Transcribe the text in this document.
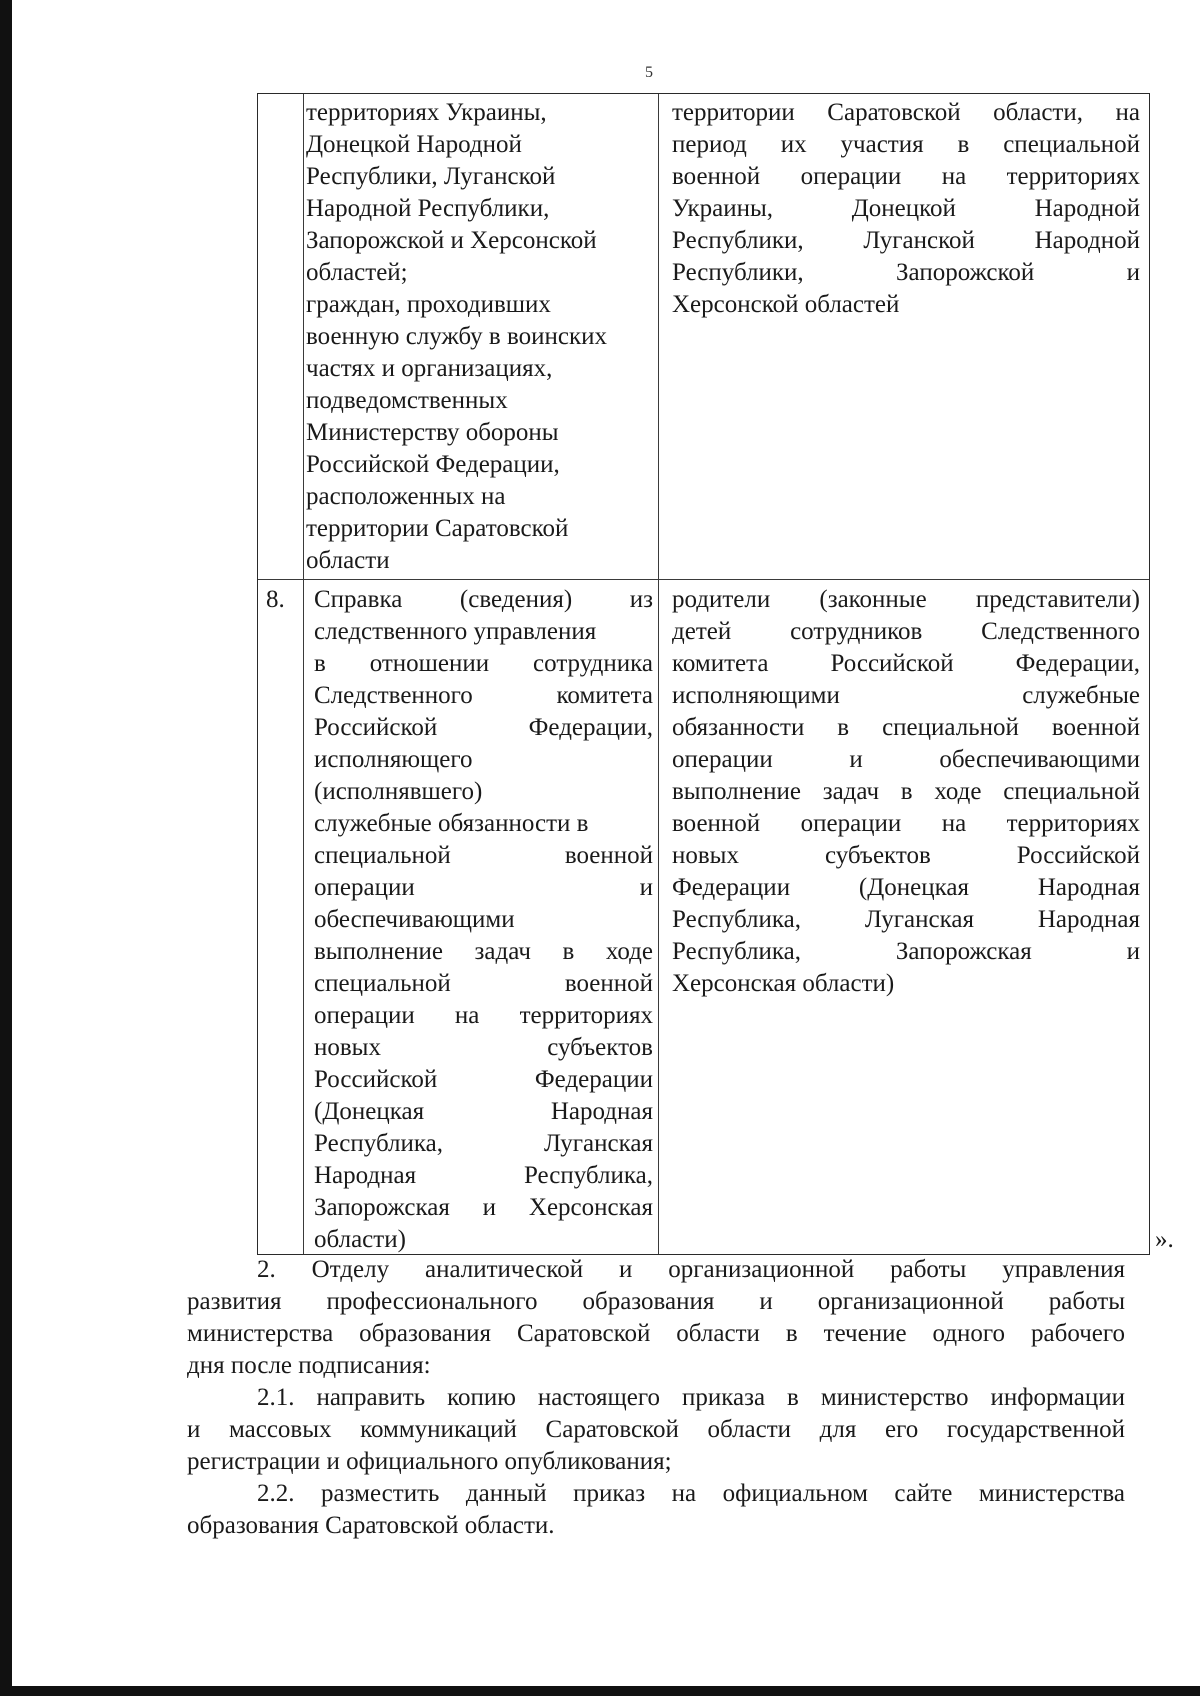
5
территориях Украины,
Донецкой Народной
Республики, Луганской
Народной Республики,
Запорожской и Херсонской
областей;
граждан, проходивших
военную службу в воинских
частях и организациях,
подведомственных
Министерству обороны
Российской Федерации,
расположенных на
территории Саратовской
области
территории Саратовской области, на
период их участия в специальной
военной операции на территориях
Украины, Донецкой Народной
Республики, Луганской Народной
Республики, Запорожской и
Херсонской областей
8.	Справка (сведения) из
следственного управления
в отношении сотрудника
Следственного комитета
Российской Федерации,
исполняющего
(исполнявшего)
служебные обязанности в
специальной военной
операции и
обеспечивающими
выполнение задач в ходе
специальной военной
операции на территориях
новых субъектов
Российской Федерации
(Донецкая Народная
Республика, Луганская
Народная Республика,
Запорожская и Херсонская
области)
родители (законные представители)
детей сотрудников Следственного
комитета Российской Федерации,
исполняющими служебные
обязанности в специальной военной
операции и обеспечивающими
выполнение задач в ходе специальной
военной операции на территориях
новых субъектов Российской
Федерации (Донецкая Народная
Республика, Луганская Народная
Республика, Запорожская и
Херсонская области)
».
2. Отделу аналитической и организационной работы управления
развития профессионального образования и организационной работы
министерства образования Саратовской области в течение одного рабочего
дня после подписания:
2.1. направить копию настоящего приказа в министерство информации
и массовых коммуникаций Саратовской области для его государственной
регистрации и официального опубликования;
2.2. разместить данный приказ на официальном сайте министерства
образования Саратовской области.
